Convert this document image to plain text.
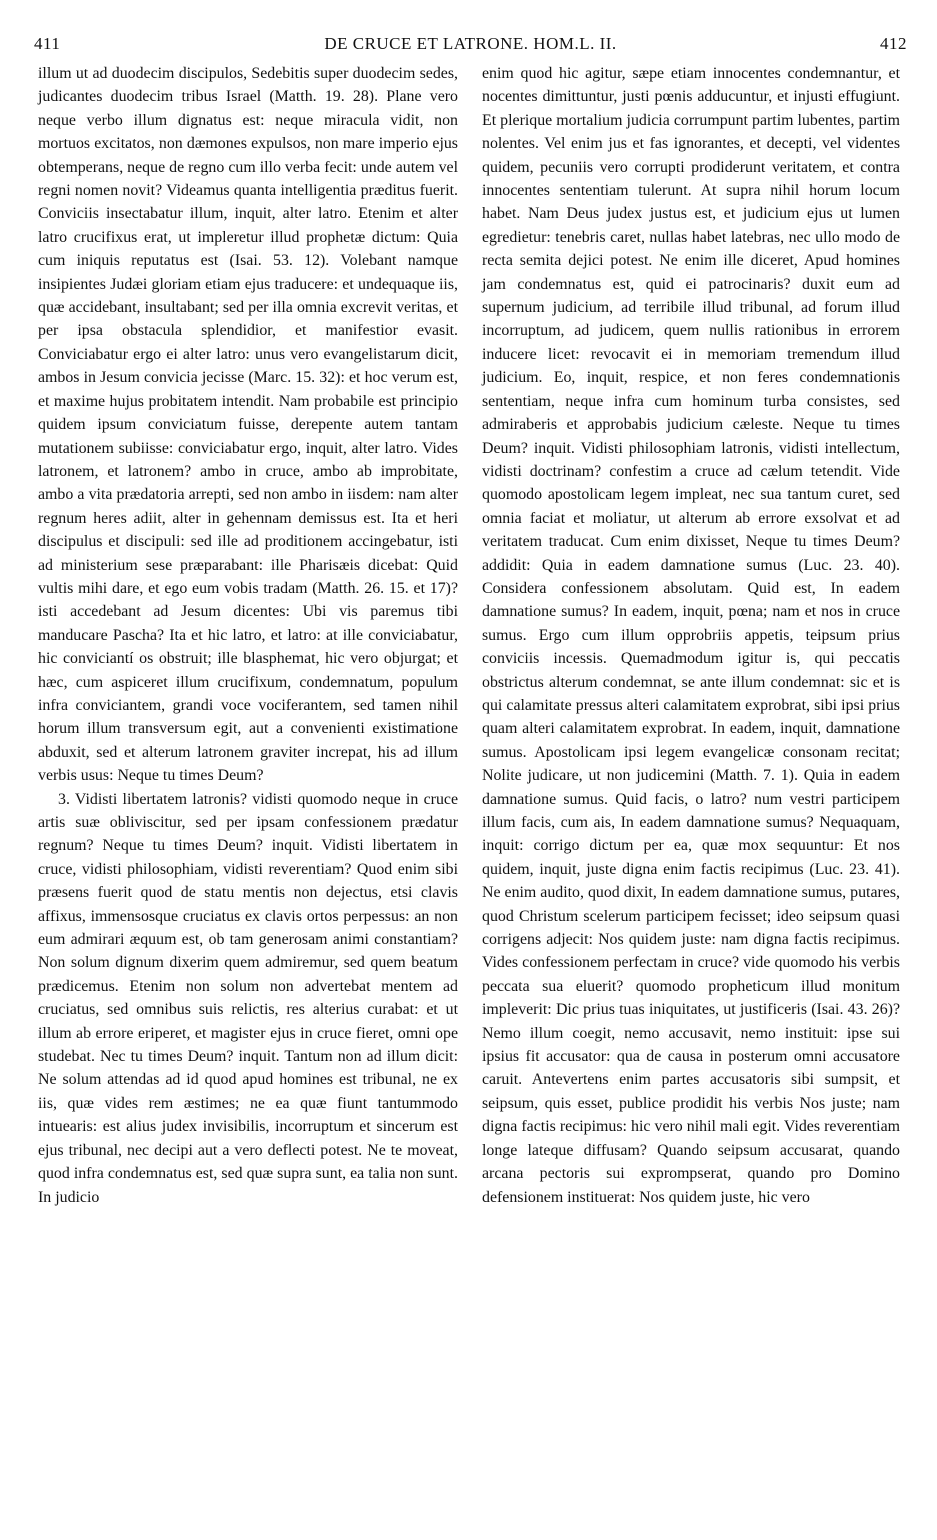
411	DE CRUCE ET LATRONE. HOM.L. II.	412

illum ut ad duodecim discipulos, Sedebitis super duodecim sedes, judicantes duodecim tribus Israel (Matth. 19. 28). Plane vero neque verbo illum dignatus est: neque miracula vidit, non mortuos excitatos, non dæmones expulsos, non mare imperio ejus obtemperans, neque de regno cum illo verba fecit: unde autem vel regni nomen novit? Videamus quanta intelligentia præditus fuerit. Conviciis insectabatur illum, inquit, alter latro. Etenim et alter latro crucifixus erat, ut impleretur illud prophetæ dictum: Quia cum iniquis reputatus est (Isai. 53. 12). Volebant namque insipientes Judæi gloriam etiam ejus traducere: et undequaque iis, quæ accidebant, insultabant; sed per illa omnia excrevit veritas, et per ipsa obstacula splendidior, et manifestior evasit. Conviciabatur ergo ei alter latro: unus vero evangelistarum dicit, ambos in Jesum convicia jecisse (Marc. 15. 32): et hoc verum est, et maxime hujus probitatem intendit. Nam probabile est principio quidem ipsum conviciatum fuisse, derepente autem tantam mutationem subiisse: conviciabatur ergo, inquit, alter latro. Vides latronem, et latronem? ambo in cruce, ambo ab improbitate, ambo a vita prædatoria arrepti, sed non ambo in iisdem: nam alter regnum heres adiit, alter in gehennam demissus est. Ita et heri discipulus et discipuli: sed ille ad proditionem accingebatur, isti ad ministerium sese præparabant: ille Pharisæis dicebat: Quid vultis mihi dare, et ego eum vobis tradam (Matth. 26. 15. et 17)? isti accedebant ad Jesum dicentes: Ubi vis paremus tibi manducare Pascha? Ita et hic latro, et latro: at ille conviciabatur, hic conviciantí os obstruit; ille blasphemat, hic vero objurgat; et hæc, cum aspiceret illum crucifixum, condemnatum, populum infra conviciantem, grandi voce vociferantem, sed tamen nihil horum illum transversum egit, aut a convenienti existimatione abduxit, sed et alterum latronem graviter increpat, his ad illum verbis usus: Neque tu times Deum?

3. Vidisti libertatem latronis? vidisti quomodo neque in cruce artis suæ obliviscitur, sed per ipsam confessionem prædatur regnum? Neque tu times Deum? inquit. Vidisti libertatem in cruce, vidisti philosophiam, vidisti reverentiam? Quod enim sibi præsens fuerit quod de statu mentis non dejectus, etsi clavis affixus, immensosque cruciatus ex clavis ortos perpessus: an non eum admirari æquum est, ob tam generosam animi constantiam? Non solum dignum dixerim quem admiremur, sed quem beatum prædicemus. Etenim non solum non advertebat mentem ad cruciatus, sed omnibus suis relictis, res alterius curabat: et ut illum ab errore eriperet, et magister ejus in cruce fieret, omni ope studebat. Nec tu times Deum? inquit. Tantum non ad illum dicit: Ne solum attendas ad id quod apud homines est tribunal, ne ex iis, quæ vides rem æstimes; ne ea quæ fiunt tantummodo intuearis: est alius judex invisibilis, incorruptum et sincerum est ejus tribunal, nec decipi aut a vero deflecti potest. Ne te moveat, quod infra condemnatus est, sed quæ supra sunt, ea talia non sunt. In judicio

enim quod hic agitur, sæpe etiam innocentes condemnantur, et nocentes dimittuntur, justi pœnis adducuntur, et injusti effugiunt. Et plerique mortalium judicia corrumpunt partim lubentes, partim nolentes. Vel enim jus et fas ignorantes, et decepti, vel videntes quidem, pecuniis vero corrupti prodiderunt veritatem, et contra innocentes sententiam tulerunt. At supra nihil horum locum habet. Nam Deus judex justus est, et judicium ejus ut lumen egredietur: tenebris caret, nullas habet latebras, nec ullo modo de recta semita dejici potest. Ne enim ille diceret, Apud homines jam condemnatus est, quid ei patrocinaris? duxit eum ad supernum judicium, ad terribile illud tribunal, ad forum illud incorruptum, ad judicem, quem nullis rationibus in errorem inducere licet: revocavit ei in memoriam tremendum illud judicium. Eo, inquit, respice, et non feres condemnationis sententiam, neque infra cum hominum turba consistes, sed admiraberis et approbabis judicium cæleste. Neque tu times Deum? inquit. Vidisti philosophiam latronis, vidisti intellectum, vidisti doctrinam? confestim a cruce ad cælum tetendit. Vide quomodo apostolicam legem impleat, nec sua tantum curet, sed omnia faciat et moliatur, ut alterum ab errore exsolvat et ad veritatem traducat. Cum enim dixisset, Neque tu times Deum? addidit: Quia in eadem damnatione sumus (Luc. 23. 40). Considera confessionem absolutam. Quid est, In eadem damnatione sumus? In eadem, inquit, pœna; nam et nos in cruce sumus. Ergo cum illum opprobriis appetis, teipsum prius conviciis incessis. Quemadmodum igitur is, qui peccatis obstrictus alterum condemnat, se ante illum condemnat: sic et is qui calamitate pressus alteri calamitatem exprobrat, sibi ipsi prius quam alteri calamitatem exprobrat. In eadem, inquit, damnatione sumus. Apostolicam ipsi legem evangelicæ consonam recitat; Nolite judicare, ut non judicemini (Matth. 7. 1). Quia in eadem damnatione sumus. Quid facis, o latro? num vestri participem illum facis, cum ais, In eadem damnatione sumus? Nequaquam, inquit: corrigo dictum per ea, quæ mox sequuntur: Et nos quidem, inquit, juste digna enim factis recipimus (Luc. 23. 41). Ne enim audito, quod dixit, In eadem damnatione sumus, putares, quod Christum scelerum participem fecisset; ideo seipsum quasi corrigens adjecit: Nos quidem juste: nam digna factis recipimus. Vides confessionem perfectam in cruce? vide quomodo his verbis peccata sua eluerit? quomodo propheticum illud monitum impleverit: Dic prius tuas iniquitates, ut justificeris (Isai. 43. 26)? Nemo illum coegit, nemo accusavit, nemo instituit: ipse sui ipsius fit accusator: qua de causa in posterum omni accusatore caruit. Antevertens enim partes accusatoris sibi sumpsit, et seipsum, quis esset, publice prodidit his verbis Nos juste; nam digna factis recipimus: hic vero nihil mali egit. Vides reverentiam longe lateque diffusam? Quando seipsum accusarat, quando arcana pectoris sui exprompserat, quando pro Domino defensionem instituerat: Nos quidem juste, hic vero
